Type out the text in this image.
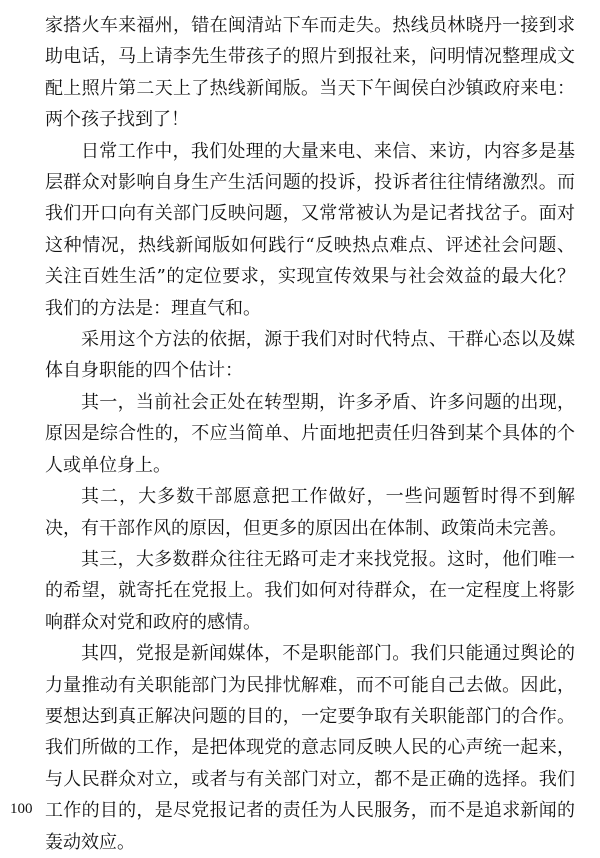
家搭火车来福州，错在闽清站下车而走失。热线员林晓丹一接到求助电话，马上请李先生带孩子的照片到报社来，问明情况整理成文配上照片第二天上了热线新闻版。当天下午闽侯白沙镇政府来电：两个孩子找到了！

日常工作中，我们处理的大量来电、来信、来访，内容多是基层群众对影响自身生产生活问题的投诉，投诉者往往情绪激烈。而我们开口向有关部门反映问题，又常常被认为是记者找岔子。面对这种情况，热线新闻版如何践行“反映热点难点、评述社会问题、关注百姓生活”的定位要求，实现宣传效果与社会效益的最大化？我们的方法是：理直气和。

采用这个方法的依据，源于我们对时代特点、干群心态以及媒体自身职能的四个估计：

其一，当前社会正处在转型期，许多矛盾、许多问题的出现，原因是综合性的，不应当简单、片面地把责任归咎到某个具体的个人或单位身上。

其二，大多数干部愿意把工作做好，一些问题暂时得不到解决，有干部作风的原因，但更多的原因出在体制、政策尚未完善。

其三，大多数群众往往无路可走才来找党报。这时，他们唯一的希望，就寄托在党报上。我们如何对待群众，在一定程度上将影响群众对党和政府的感情。

其四，党报是新闻媒体，不是职能部门。我们只能通过舆论的力量推动有关职能部门为民排忧解难，而不可能自己去做。因此，要想达到真正解决问题的目的，一定要争取有关职能部门的合作。我们所做的工作，是把体现党的意志同反映人民的心声统一起来，与人民群众对立，或者与有关部门对立，都不是正确的选择。我们工作的目的，是尽党报记者的责任为人民服务，而不是追求新闻的轰动效应。

100
